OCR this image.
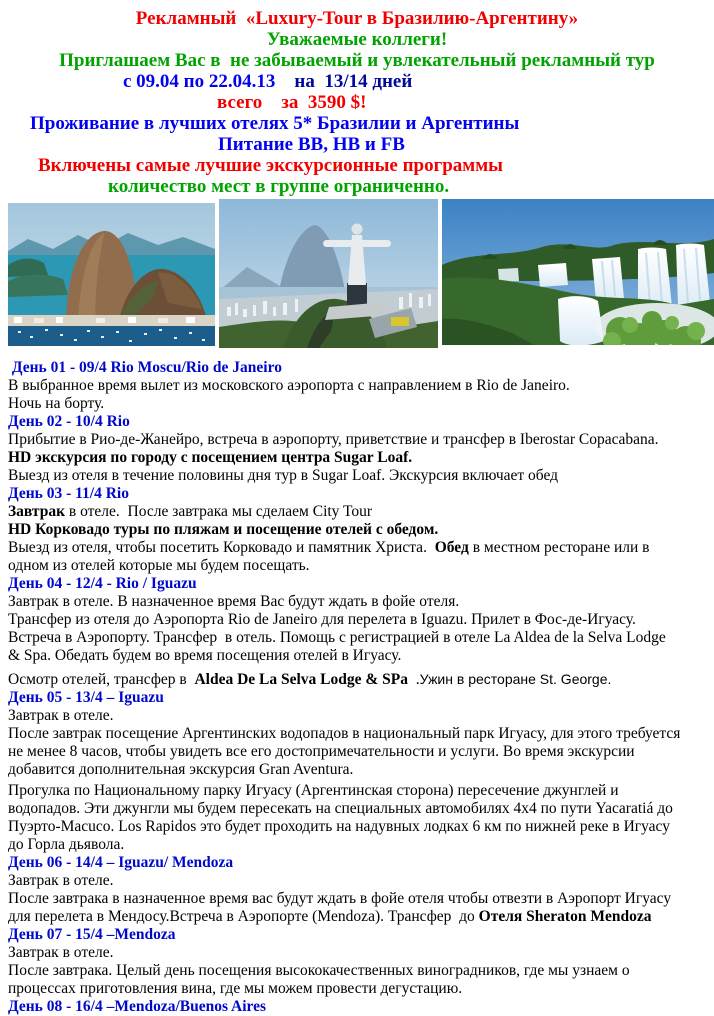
Рекламный  «Luxury-Tour в Бразилию-Аргентину»
Уважаемые коллеги!
Приглашаем Вас в  не забываемый и увлекательный рекламный тур
с 09.04 по 22.04.13    на  13/14 дней
всего    за  3590 $!
Проживание в лучших отелях 5* Бразилии и Аргентины
Питание BB, HB и FB
Включены самые лучшие экскурсионные программы
количество мест в группе ограниченно.
День 01 - 09/4 Rio Moscu/Rio de Janeiro
В выбранное время вылет из московского аэропорта с направлением в Rio de Janeiro.
Ночь на борту.
День 02 - 10/4 Rio
Прибытие в Рио-де-Жанейро, встреча в аэропорту, приветствие и трансфер в Iberostar Copacabana.
HD экскурсия по городу с посещением центра Sugar Loaf.
Выезд из отеля в течение половины дня тур в Sugar Loaf. Экскурсия включает обед
День 03 - 11/4 Rio
Завтрак в отеле.  После завтрака мы сделаем City Tour
HD Корковадо туры по пляжам и посещение отелей с обедом.
Выезд из отеля, чтобы посетить Корковадо и памятник Христа.  Обед в местном ресторане или в
одном из отелей которые мы будем посещать.
День 04 - 12/4 - Rio / Iguazu
Завтрак в отеле. В назначенное время Вас будут ждать в фойе отеля.
Трансфер из отеля до Аэропорта Rio de Janeiro для перелета в Iguazu. Прилет в Фос-де-Игуасу.
Встреча в Аэропорту. Трансфер  в отель. Помощь с регистрацией в отеле La Aldea de la Selva Lodge
& Spa. Обедать будем во время посещения отелей в Игуасу.
Осмотр отелей, трансфер в  Aldea De La Selva Lodge & SPa  .Ужин в ресторане St. George.
День 05 - 13/4 – Iguazu
Завтрак в отеле.
После завтрак посещение Аргентинских водопадов в национальный парк Игуасу, для этого требуется
не менее 8 часов, чтобы увидеть все его достопримечательности и услуги. Во время экскурсии
добавится дополнительная экскурсия Gran Aventura.
Прогулка по Национальному парку Игуасу (Аргентинская сторона) пересечение джунглей и
водопадов. Эти джунгли мы будем пересекать на специальных автомобилях 4x4 по пути Yacaratiá до
Пуэрто-Macuco. Los Rapidos это будет проходить на надувных лодках 6 км по нижней реке в Игуасу
до Горла дьявола.
День 06 - 14/4 – Iguazu/ Mendoza
Завтрак в отеле.
После завтрака в назначенное время вас будут ждать в фойе отеля чтобы отвезти в Аэропорт Игуасу
для перелета в Мендосу.Встреча в Аэропорте (Mendoza). Трансфер  до Отеля Sheraton Mendoza
День 07 - 15/4 –Mendoza
Завтрак в отеле.
После завтрака. Целый день посещения высококачественных виноградников, где мы узнаем о
процессах приготовления вина, где мы можем провести дегустацию.
День 08 - 16/4 –Mendoza/Buenos Aires
